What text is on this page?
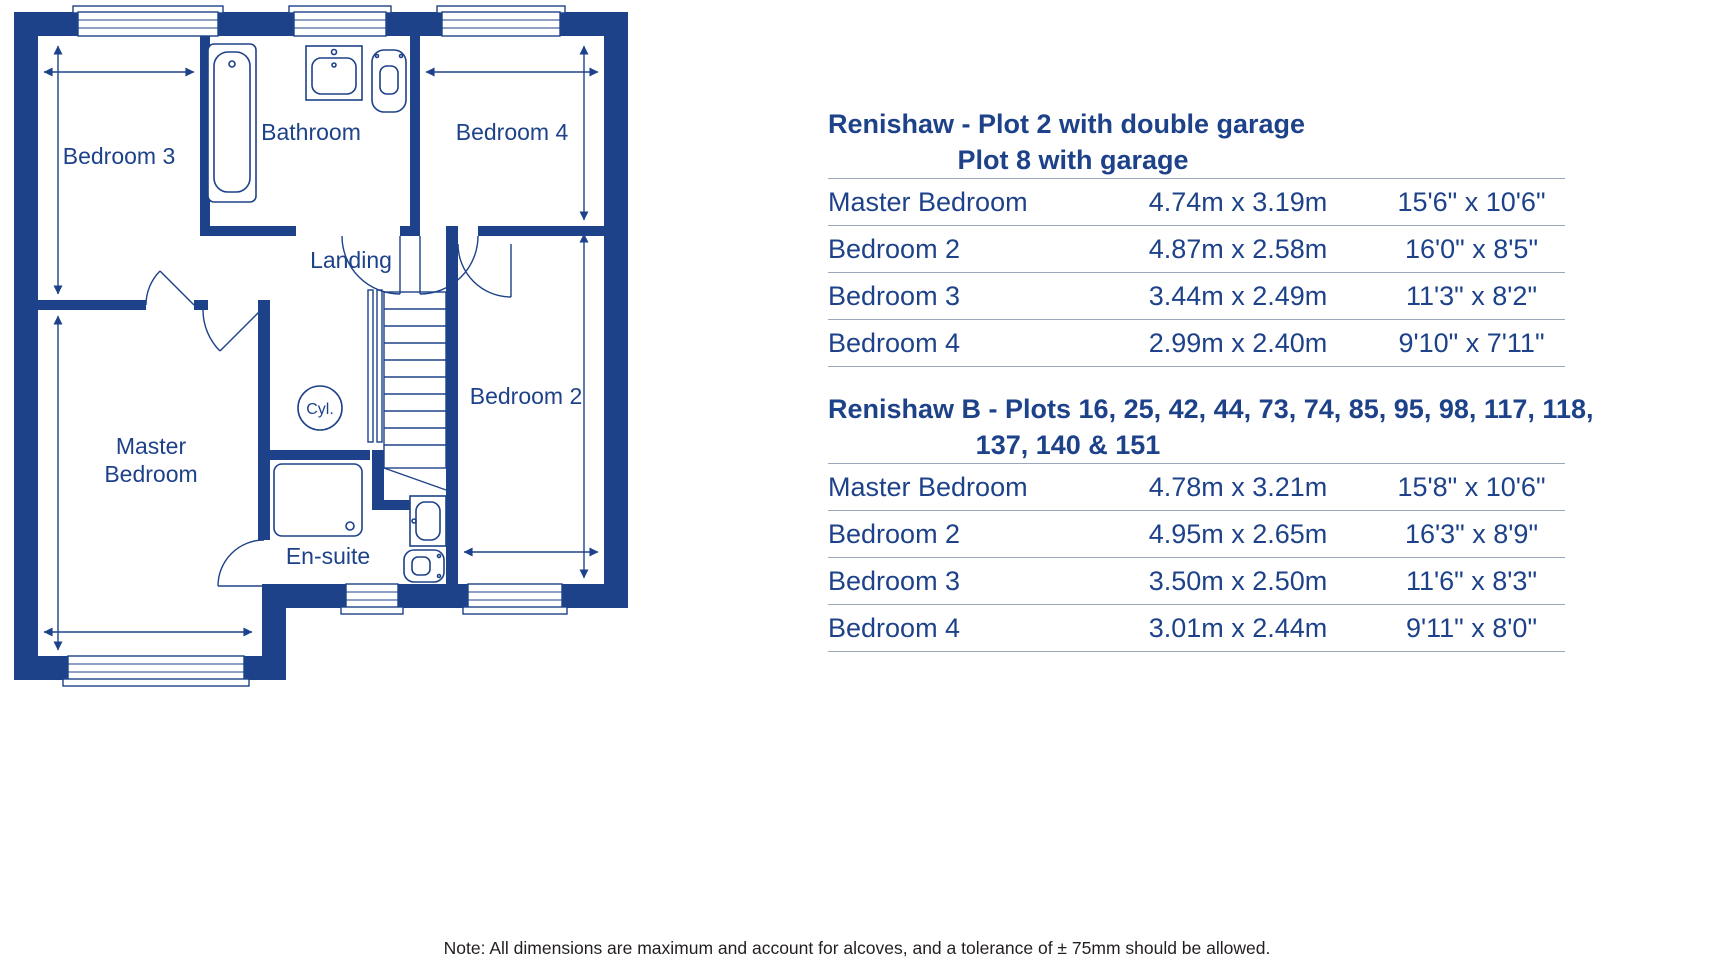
Bedroom 3
Bathroom	Bedroom 4
Landing
Master
Bedroom
En-suite
Bedroom 2
Cyl.
Renishaw - Plot 2 with double garage
Plot 8 with garage
Master Bedroom	4.74m x 3.19m	15'6" x 10'6"
Bedroom 2	4.87m x 2.58m	16'0" x 8'5"
Bedroom 3	3.44m x 2.49m	11'3" x 8'2"
Bedroom 4	2.99m x 2.40m	9'10" x 7'11"
Renishaw B - Plots 16, 25, 42, 44, 73, 74, 85, 95, 98, 117, 118,
137, 140 & 151
Master Bedroom	4.78m x 3.21m	15'8" x 10'6"
Bedroom 2	4.95m x 2.65m	16'3" x 8'9"
Bedroom 3	3.50m x 2.50m	11'6" x 8'3"
Bedroom 4	3.01m x 2.44m	9'11" x 8'0"
Note: All dimensions are maximum and account for alcoves, and a tolerance of ± 75mm should be allowed.
